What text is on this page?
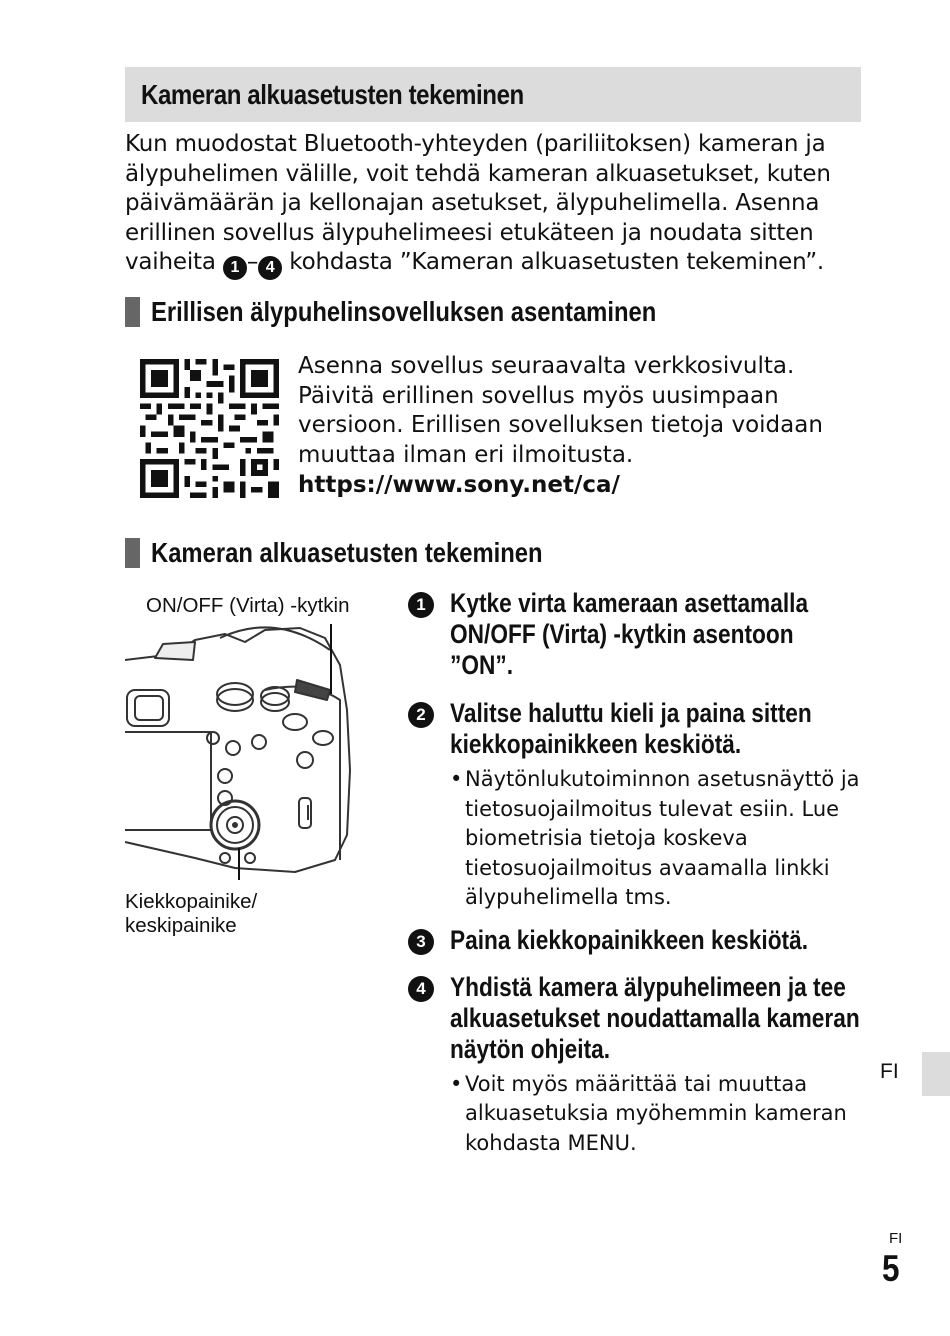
Kameran alkuasetusten tekeminen
Kun muodostat Bluetooth-yhteyden (pariliitoksen) kameran ja älypuhelimen välille, voit tehdä kameran alkuasetukset, kuten päivämäärän ja kellonajan asetukset, älypuhelimella. Asenna erillinen sovellus älypuhelimeesi etukäteen ja noudata sitten vaiheita 1 – 4 kohdasta ”Kameran alkuasetusten tekeminen”.
Erillisen älypuhelinsovelluksen asentaminen
Asenna sovellus seuraavalta verkkosivulta. Päivitä erillinen sovellus myös uusimpaan versioon. Erillisen sovelluksen tietoja voidaan muuttaa ilman eri ilmoitusta.
https://www.sony.net/ca/
Kameran alkuasetusten tekeminen
ON/OFF (Virta) -kytkin
Kiekkopainike/
keskipainike
1 Kytke virta kameraan asettamalla ON/OFF (Virta) -kytkin asentoon ”ON”.
2 Valitse haluttu kieli ja paina sitten kiekkopainikkeen keskiötä.
• Näytönlukutoiminnon asetusnäyttö ja tietosuojailmoitus tulevat esiin. Lue biometrisia tietoja koskeva tietosuojailmoitus avaamalla linkki älypuhelimella tms.
3 Paina kiekkopainikkeen keskiötä.
4 Yhdistä kamera älypuhelimeen ja tee alkuasetukset noudattamalla kameran näytön ohjeita.
• Voit myös määrittää tai muuttaa alkuasetuksia myöhemmin kameran kohdasta MENU.
FI
FI
5
